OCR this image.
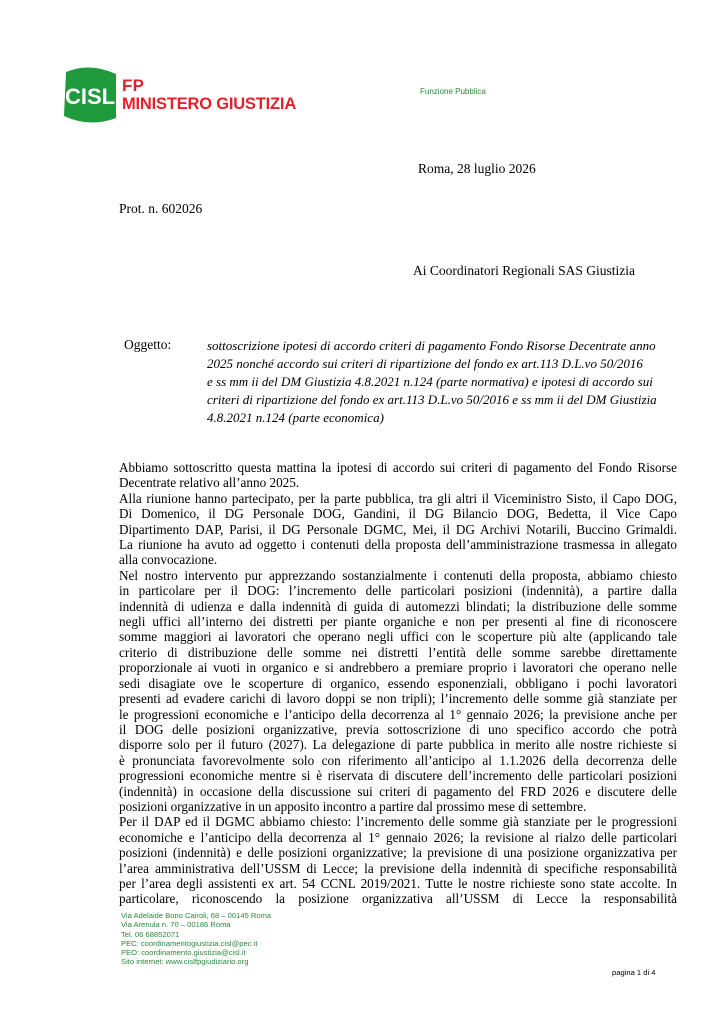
CISL FP
MINISTERO GIUSTIZIA
Funzione Pubblica
Roma, 28 luglio 2026
Prot. n. 602026
Ai Coordinatori Regionali SAS Giustizia
Oggetto:	sottoscrizione ipotesi di accordo criteri di pagamento Fondo Risorse Decentrate anno

2025 nonché accordo sui criteri di ripartizione del fondo ex art.113 D.L.vo 50/2016

e ss mm ii del DM Giustizia 4.8.2021 n.124 (parte normativa) e ipotesi di accordo sui

criteri di ripartizione del fondo ex art.113 D.L.vo 50/2016 e ss mm ii del DM Giustizia

4.8.2021 n.124 (parte economica)

Abbiamo sottoscritto questa mattina la ipotesi di accordo sui criteri di pagamento del Fondo Risorse

Decentrate relativo all’anno 2025.

Alla riunione hanno partecipato, per la parte pubblica, tra gli altri il Viceministro Sisto, il Capo DOG,

Di Domenico, il DG Personale DOG, Gandini, il DG Bilancio DOG, Bedetta, il Vice Capo

Dipartimento DAP, Parisi, il DG Personale DGMC, Mei, il DG Archivi Notarili, Buccino Grimaldi.

La riunione ha avuto ad oggetto i contenuti della proposta dell’amministrazione trasmessa in allegato

alla convocazione.

Nel nostro intervento pur apprezzando sostanzialmente i contenuti della proposta, abbiamo chiesto

in particolare per il DOG: l’incremento delle particolari posizioni (indennità), a partire dalla

indennità di udienza e dalla indennità di guida di automezzi blindati; la distribuzione delle somme

negli uffici all’interno dei distretti per piante organiche e non per presenti al fine di riconoscere

somme maggiori ai lavoratori che operano negli uffici con le scoperture più alte (applicando tale

criterio di distribuzione delle somme nei distretti l’entità delle somme sarebbe direttamente

proporzionale ai vuoti in organico e si andrebbero a premiare proprio i lavoratori che operano nelle

sedi disagiate ove le scoperture di organico, essendo esponenziali, obbligano i pochi lavoratori

presenti ad evadere carichi di lavoro doppi se non tripli); l’incremento delle somme già stanziate per

le progressioni economiche e l’anticipo della decorrenza al 1° gennaio 2026; la previsione anche per

il DOG delle posizioni organizzative, previa sottoscrizione di uno specifico accordo che potrà

disporre solo per il futuro (2027). La delegazione di parte pubblica in merito alle nostre richieste si

è pronunciata favorevolmente solo con riferimento all’anticipo al 1.1.2026 della decorrenza delle

progressioni economiche mentre si è riservata di discutere dell’incremento delle particolari posizioni

(indennità) in occasione della discussione sui criteri di pagamento del FRD 2026 e discutere delle

posizioni organizzative in un apposito incontro a partire dal prossimo mese di settembre.

Per il DAP ed il DGMC abbiamo chiesto: l’incremento delle somme già stanziate per le progressioni

economiche e l’anticipo della decorrenza al 1° gennaio 2026; la revisione al rialzo delle particolari

posizioni (indennità) e delle posizioni organizzative; la previsione di una posizione organizzativa per

l’area amministrativa dell’USSM di Lecce; la previsione della indennità di specifiche responsabilità

per l’area degli assistenti ex art. 54 CCNL 2019/2021. Tutte le nostre richieste sono state accolte. In

particolare, riconoscendo la posizione organizzativa all’USSM di Lecce la responsabilità

Via Adelaide Bono Cairoli, 68 – 00145 Roma

Via Arenula n. 70 – 00186 Roma

Tel. 06 68852071

PEC: coordinamentogiustizia.cisl@pec.it

PEO: coordinamento.giustizia@cisl.it

Sito internet: www.cislfpgiudiziario.org

pagina 1 di 4
